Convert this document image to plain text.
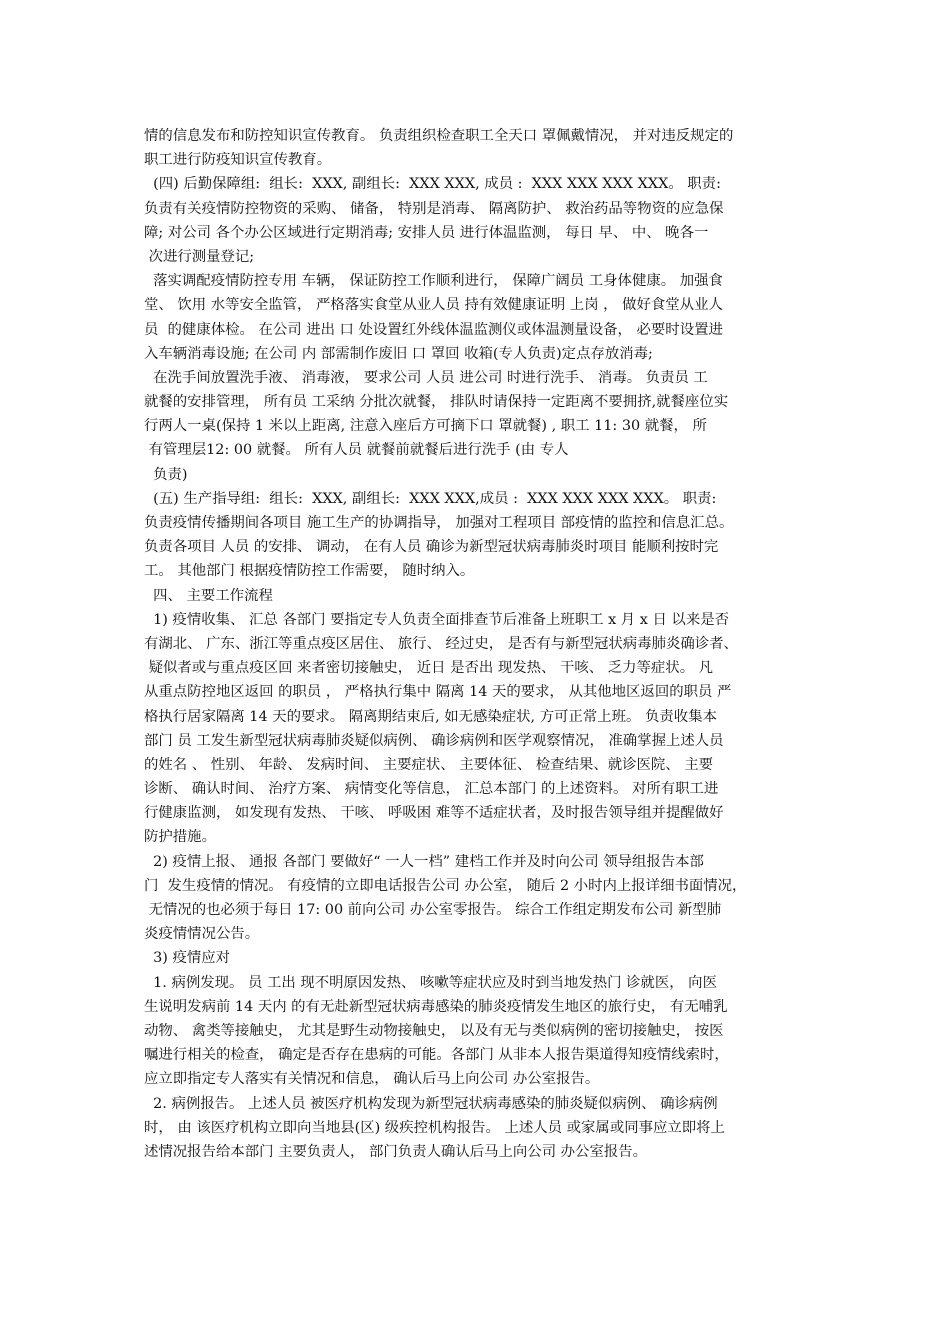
情的信息发布和防控知识宣传教育。 负责组织检查职工全天口 罩佩戴情况， 并对违反规定的
职工进行防疫知识宣传教育。
(四) 后勤保障组:  组长:  XXX, 副组长:  XXX XXX, 成员 :  XXX XXX XXX XXX。 职责:
负责有关疫情防控物资的采购、 储备， 特别是消毒、 隔离防护、 救治药品等物资的应急保
障; 对公司 各个办公区域进行定期消毒; 安排人员 进行体温监测， 每日 早、 中、 晚各一
次进行测量登记;
落实调配疫情防控专用 车辆， 保证防控工作顺利进行， 保障广阔员 工身体健康。 加强食
堂、 饮用 水等安全监管， 严格落实食堂从业人员 持有效健康证明 上岗 ， 做好食堂从业人
员  的健康体检。 在公司 进出 口 处设置红外线体温监测仪或体温测量设备， 必要时设置进
入车辆消毒设施; 在公司 内 部需制作废旧 口 罩回 收箱(专人负责)定点存放消毒;
在洗手间放置洗手液、 消毒液， 要求公司 人员 进公司 时进行洗手、 消毒。 负责员 工
就餐的安排管理， 所有员 工采纳 分批次就餐， 排队时请保持一定距离不要拥挤,就餐座位实
行两人一桌(保持 1 米以上距离, 注意入座后方可摘下口 罩就餐) , 职工 11: 30 就餐， 所
有管理层12: 00 就餐。 所有人员 就餐前就餐后进行洗手 (由 专人
负责)
(五) 生产指导组:  组长:  XXX, 副组长:  XXX XXX,成员 :  XXX XXX XXX XXX。 职责:
负责疫情传播期间各项目 施工生产的协调指导， 加强对工程项目 部疫情的监控和信息汇总。
负责各项目 人员 的安排、 调动， 在有人员 确诊为新型冠状病毒肺炎时项目 能顺利按时完
工。 其他部门 根据疫情防控工作需要， 随时纳入。
四、 主要工作流程
1) 疫情收集、 汇总 各部门 要指定专人负责全面排查节后准备上班职工 x 月 x 日 以来是否
有湖北、 广东、浙江等重点疫区居住、 旅行、 经过史， 是否有与新型冠状病毒肺炎确诊者、
疑似者或与重点疫区回 来者密切接触史， 近日 是否出 现发热、 干咳、 乏力等症状。 凡
从重点防控地区返回 的职员 ， 严格执行集中 隔离 14 天的要求， 从其他地区返回的职员 严
格执行居家隔离 14 天的要求。 隔离期结束后, 如无感染症状, 方可正常上班。 负责收集本
部门 员 工发生新型冠状病毒肺炎疑似病例、 确诊病例和医学观察情况， 准确掌握上述人员
的姓名 、 性别、 年龄、 发病时间、 主要症状、 主要体征、 检查结果、就诊医院、 主要
诊断、 确认时间、 治疗方案、 病情变化等信息， 汇总本部门 的上述资料。 对所有职工进
行健康监测， 如发现有发热、 干咳、 呼吸困 难等不适症状者，及时报告领导组并提醒做好
防护措施。
2) 疫情上报、 通报 各部门 要做好“ 一人一档” 建档工作并及时向公司 领导组报告本部
门  发生疫情的情况。 有疫情的立即电话报告公司 办公室， 随后 2 小时内上报详细书面情况，
无情况的也必须于每日 17: 00 前向公司 办公室零报告。 综合工作组定期发布公司 新型肺
炎疫情情况公告。
3) 疫情应对
1. 病例发现。 员 工出 现不明原因发热、 咳嗽等症状应及时到当地发热门 诊就医， 向医
生说明发病前 14 天内 的有无赴新型冠状病毒感染的肺炎疫情发生地区的旅行史， 有无哺乳
动物、 禽类等接触史， 尤其是野生动物接触史， 以及有无与类似病例的密切接触史， 按医
嘱进行相关的检查， 确定是否存在患病的可能。各部门 从非本人报告渠道得知疫情线索时，
应立即指定专人落实有关情况和信息， 确认后马上向公司 办公室报告。
2. 病例报告。 上述人员 被医疗机构发现为新型冠状病毒感染的肺炎疑似病例、 确诊病例
时， 由 该医疗机构立即向当地县(区) 级疾控机构报告。 上述人员 或家属或同事应立即将上
述情况报告给本部门 主要负责人， 部门负责人确认后马上向公司 办公室报告。
